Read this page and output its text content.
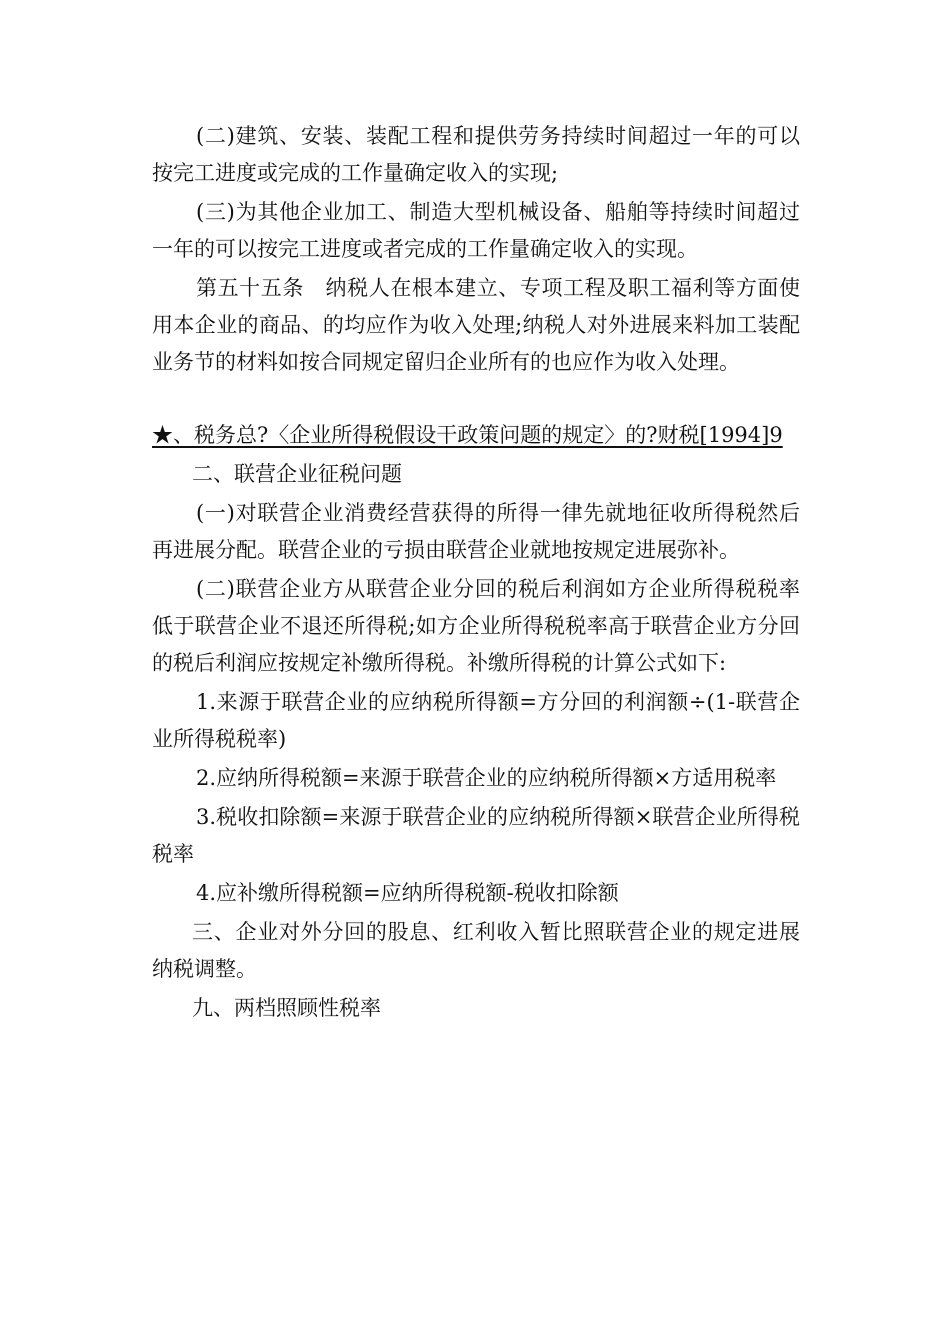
(二)建筑、安装、装配工程和提供劳务持续时间超过一年的可以按完工进度或完成的工作量确定收入的实现;

(三)为其他企业加工、制造大型机械设备、船舶等持续时间超过一年的可以按完工进度或者完成的工作量确定收入的实现。

第五十五条　纳税人在根本建立、专项工程及职工福利等方面使用本企业的商品、的均应作为收入处理;纳税人对外进展来料加工装配业务节的材料如按合同规定留归企业所有的也应作为收入处理。

★、税务总?〈企业所得税假设干政策问题的规定〉的?财税[1994]9

二、联营企业征税问题

(一)对联营企业消费经营获得的所得一律先就地征收所得税然后再进展分配。联营企业的亏损由联营企业就地按规定进展弥补。

(二)联营企业方从联营企业分回的税后利润如方企业所得税税率低于联营企业不退还所得税;如方企业所得税税率高于联营企业方分回的税后利润应按规定补缴所得税。补缴所得税的计算公式如下:

1.来源于联营企业的应纳税所得额=方分回的利润额÷(1-联营企业所得税税率)

2.应纳所得税额=来源于联营企业的应纳税所得额×方适用税率

3.税收扣除额=来源于联营企业的应纳税所得额×联营企业所得税税率

4.应补缴所得税额=应纳所得税额-税收扣除额

三、企业对外分回的股息、红利收入暂比照联营企业的规定进展纳税调整。

九、两档照顾性税率
